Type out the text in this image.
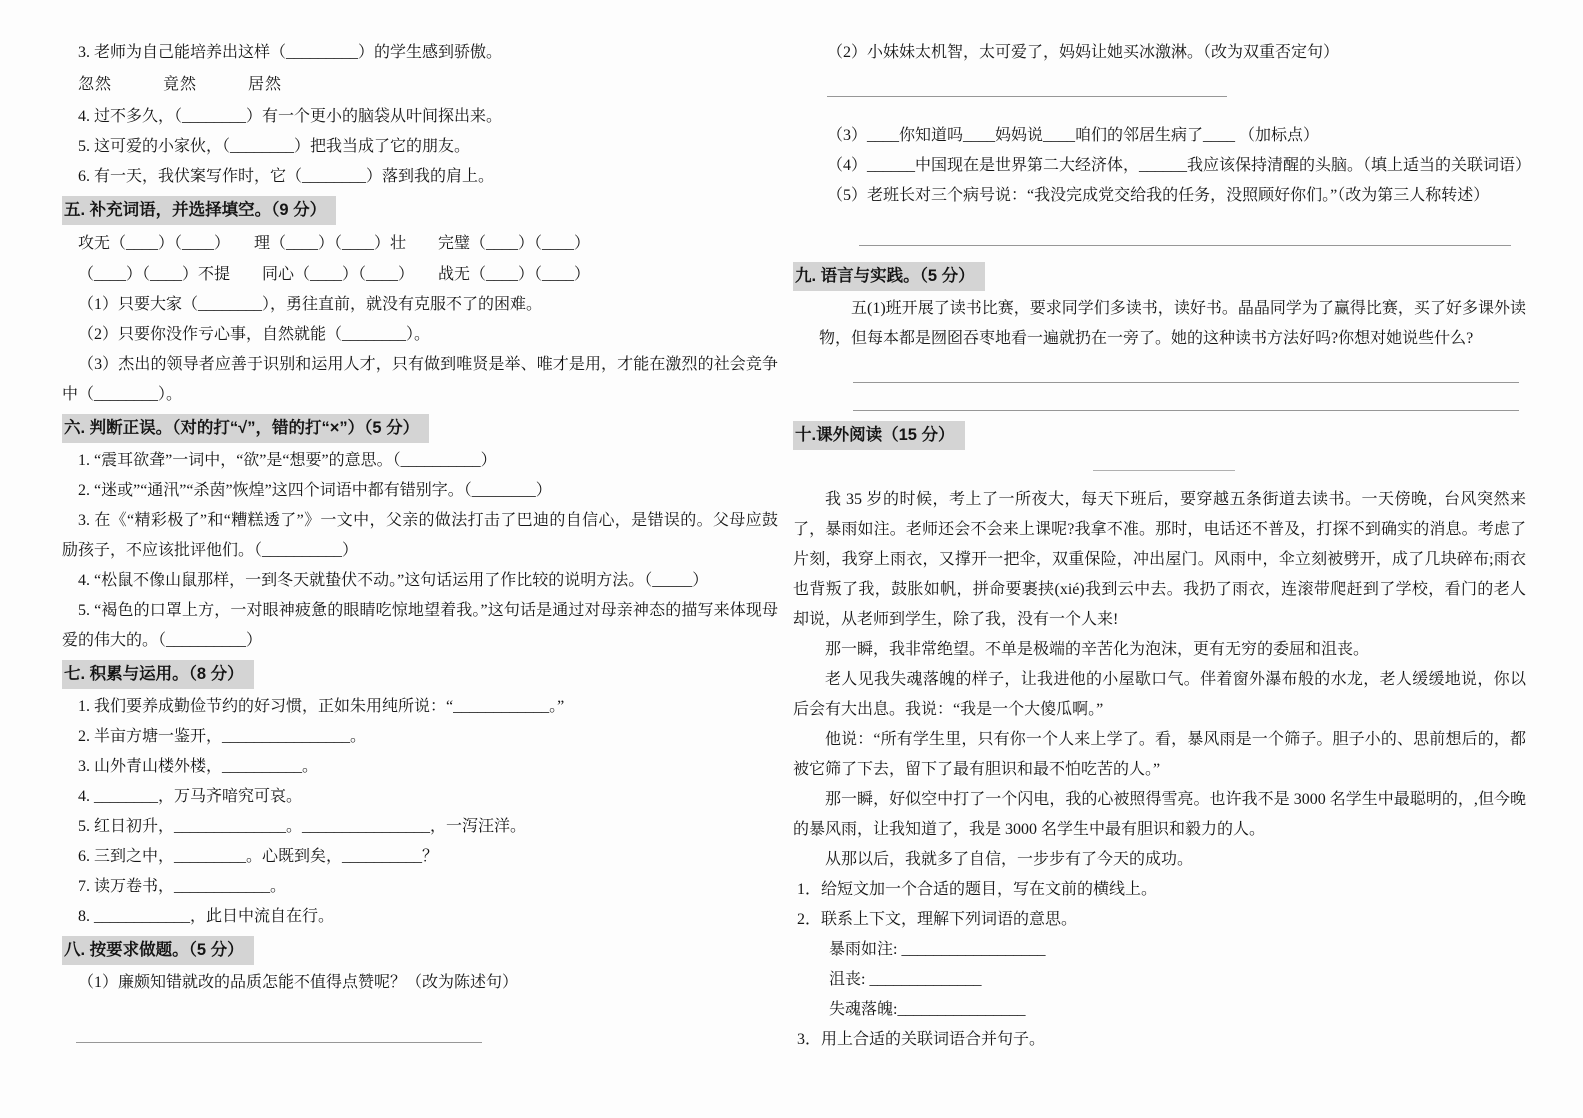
3. 老师为自己能培养出这样（_________）的学生感到骄傲。
忽然　　　竟然　　　居然
4. 过不多久，（________）有一个更小的脑袋从叶间探出来。
5. 这可爱的小家伙，（________）把我当成了它的朋友。
6. 有一天，我伏案写作时，它（________）落到我的肩上。
五. 补充词语，并选择填空。（9 分）
攻无（____）（____）　　理（____）（____）壮　　完璧（____）（____）
（____）（____）不提　　同心（____）（____）　　战无（____）（____）
（1）只要大家（________），勇往直前，就没有克服不了的困难。
（2）只要你没作亏心事，自然就能（________）。
（3）杰出的领导者应善于识别和运用人才，只有做到唯贤是举、唯才是用，才能在激烈的社会竞争中（________）。
六. 判断正误。（对的打“√”，错的打“×”）（5 分）
1. “震耳欲聋”一词中，“欲”是“想要”的意思。（__________）
2. “迷或”“通汛”“杀茵”恢煌”这四个词语中都有错别字。（________）
3. 在《“精彩极了”和“糟糕透了”》一文中，父亲的做法打击了巴迪的自信心，是错误的。父母应鼓励孩子，不应该批评他们。（__________）
4. “松鼠不像山鼠那样，一到冬天就蛰伏不动。”这句话运用了作比较的说明方法。（_____）
5. “褐色的口罩上方，一对眼神疲惫的眼睛吃惊地望着我。”这句话是通过对母亲神态的描写来体现母爱的伟大的。（__________）
七. 积累与运用。（8 分）
1. 我们要养成勤俭节约的好习惯，正如朱用纯所说：“____________。”
2. 半亩方塘一鉴开，________________。
3. 山外青山楼外楼，__________。
4. ________，万马齐喑究可哀。
5. 红日初升，______________。________________，一泻汪洋。
6. 三到之中，_________。心既到矣，__________？
7. 读万卷书，____________。
8. ____________，此日中流自在行。
八. 按要求做题。（5 分）
（1）廉颇知错就改的品质怎能不值得点赞呢？（改为陈述句）
（2）小妹妹太机智，太可爱了，妈妈让她买冰激淋。（改为双重否定句）
（3）____你知道吗____妈妈说____咱们的邻居生病了____ （加标点）
（4）______中国现在是世界第二大经济体，______我应该保持清醒的头脑。（填上适当的关联词语）
（5）老班长对三个病号说：“我没完成党交给我的任务，没照顾好你们。”（改为第三人称转述）
九. 语言与实践。（5 分）
五(1)班开展了读书比赛，要求同学们多读书，读好书。晶晶同学为了赢得比赛，买了好多课外读物，但每本都是囫囵吞枣地看一遍就扔在一旁了。她的这种读书方法好吗?你想对她说些什么?
十.课外阅读（15 分）
我 35 岁的时候，考上了一所夜大，每天下班后，要穿越五条街道去读书。一天傍晚，台风突然来了，暴雨如注。老师还会不会来上课呢?我拿不准。那时，电话还不普及，打探不到确实的消息。考虑了片刻，我穿上雨衣，又撑开一把伞，双重保险，冲出屋门。风雨中，伞立刻被劈开，成了几块碎布;雨衣也背叛了我，鼓胀如帆，拼命要裹挟(xié)我到云中去。我扔了雨衣，连滚带爬赶到了学校，看门的老人却说，从老师到学生，除了我，没有一个人来!
那一瞬，我非常绝望。不单是极端的辛苦化为泡沫，更有无穷的委屈和沮丧。
老人见我失魂落魄的样子，让我进他的小屋歇口气。伴着窗外瀑布般的水龙，老人缓缓地说，你以后会有大出息。我说：“我是一个大傻瓜啊。”
他说：“所有学生里，只有你一个人来上学了。看，暴风雨是一个筛子。胆子小的、思前想后的，都被它筛了下去，留下了最有胆识和最不怕吃苦的人。”
那一瞬，好似空中打了一个闪电，我的心被照得雪亮。也许我不是 3000 名学生中最聪明的，,但今晚的暴风雨，让我知道了，我是 3000 名学生中最有胆识和毅力的人。
从那以后，我就多了自信，一步步有了今天的成功。
1．给短文加一个合适的题目，写在文前的横线上。
2．联系上下文，理解下列词语的意思。
暴雨如注: __________________
沮丧: ______________
失魂落魄:________________
3．用上合适的关联词语合并句子。
